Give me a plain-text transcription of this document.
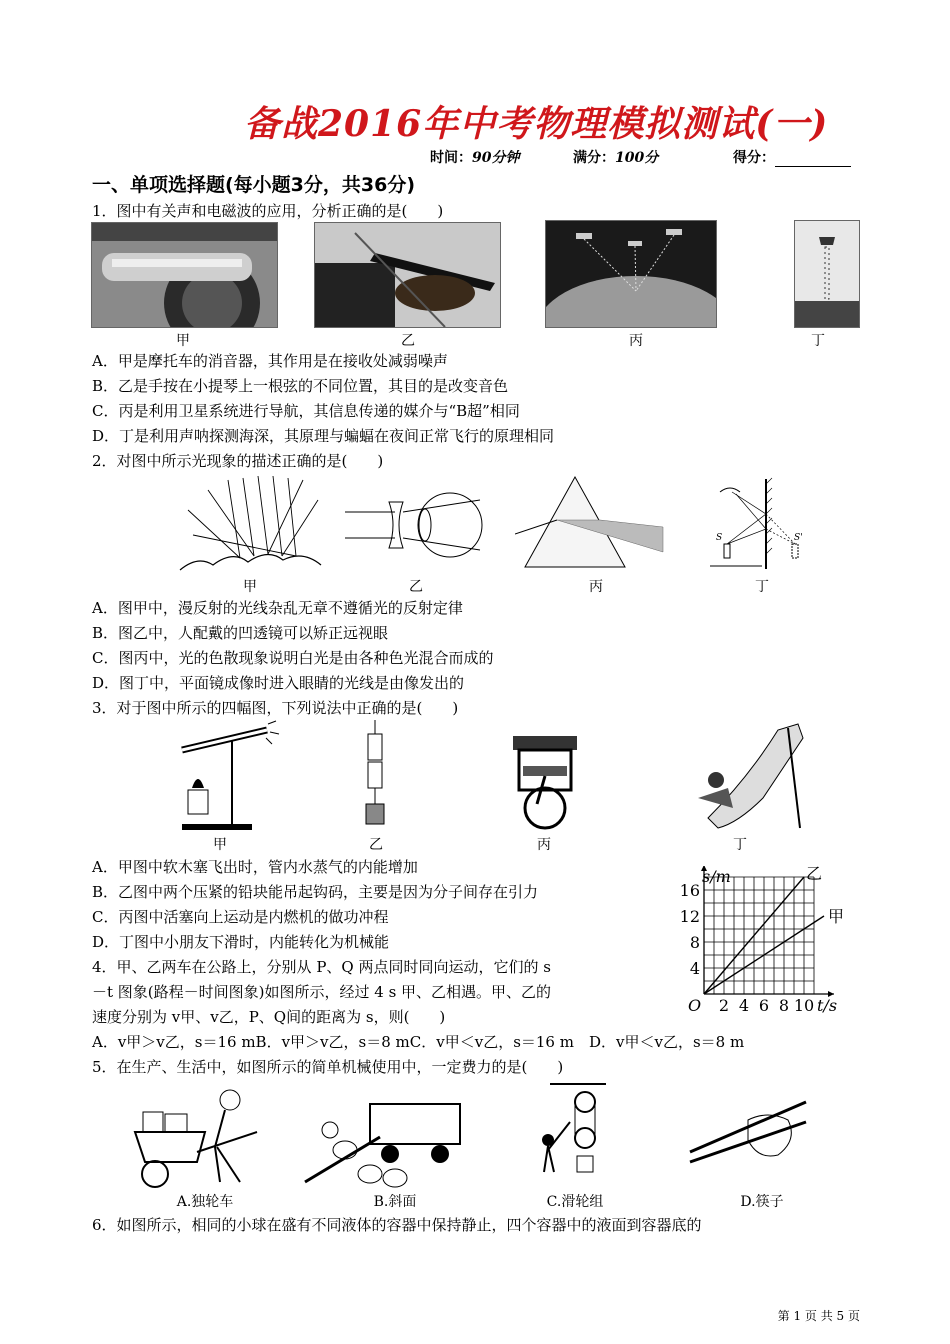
备战2016年中考物理模拟测试(一)
时间：90分钟	满分：100分	得分：
一、单项选择题(每小题3分，共36分)
1．图中有关声和电磁波的应用，分析正确的是(　　)
甲	乙	丙	丁
A．甲是摩托车的消音器，其作用是在接收处减弱噪声
B．乙是手按在小提琴上一根弦的不同位置，其目的是改变音色
C．丙是利用卫星系统进行导航，其信息传递的媒介与“B超”相同
D．丁是利用声呐探测海深，其原理与蝙蝠在夜间正常飞行的原理相同
2．对图中所示光现象的描述正确的是(　　)
S	S'
甲	乙	丙	丁
A．图甲中，漫反射的光线杂乱无章不遵循光的反射定律
B．图乙中，人配戴的凹透镜可以矫正远视眼
C．图丙中，光的色散现象说明白光是由各种色光混合而成的
D．图丁中，平面镜成像时进入眼睛的光线是由像发出的
3．对于图中所示的四幅图，下列说法中正确的是(　　)
甲	乙	丙	丁
A．甲图中软木塞飞出时，管内水蒸气的内能增加
B．乙图中两个压紧的铅块能吊起钩码，主要是因为分子间存在引力
C．丙图中活塞向上运动是内燃机的做功冲程
D．丁图中小朋友下滑时，内能转化为机械能
4．甲、乙两车在公路上，分别从 P、Q 两点同时同向运动，它们的 s
－t 图象(路程－时间图象)如图所示，经过 4 s 甲、乙相遇。甲、乙的
速度分别为 v甲、v乙，P、Q间的距离为 s，则(　　)
A．v甲＞v乙，s＝16 mB．v甲＞v乙，s＝8 mC．v甲＜v乙，s＝16 m　D．v甲＜v乙，s＝8 m
2 4 6 8 10
4
8
12
16
O
s/m
t/s
乙
甲
5．在生产、生活中，如图所示的简单机械使用中，一定费力的是(　　)
A.独轮车	B.斜面	C.滑轮组	D.筷子
6．如图所示，相同的小球在盛有不同液体的容器中保持静止，四个容器中的液面到容器底的
第 1 页 共 5 页
